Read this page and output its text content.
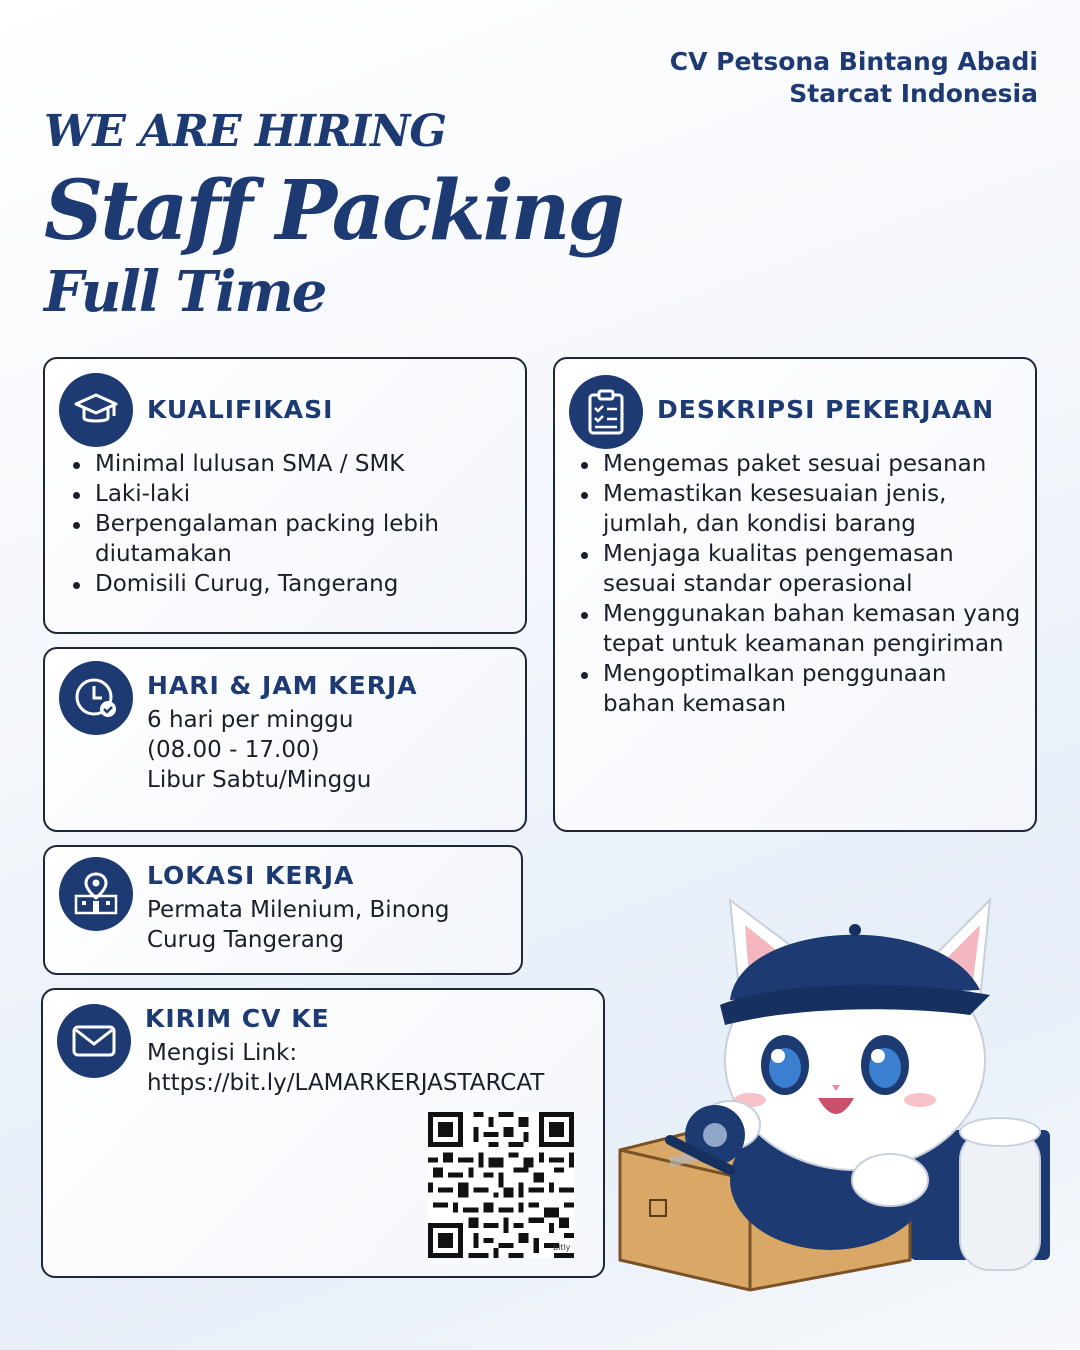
CV Petsona Bintang Abadi
Starcat Indonesia
WE ARE HIRING
Staff Packing
Full Time
KUALIFIKASI
Minimal lulusan SMA / SMK
Laki-laki
Berpengalaman packing lebih diutamakan
Domisili Curug, Tangerang
DESKRIPSI PEKERJAAN
Mengemas paket sesuai pesanan
Memastikan kesesuaian jenis, jumlah, dan kondisi barang
Menjaga kualitas pengemasan sesuai standar operasional
Menggunakan bahan kemasan yang tepat untuk keamanan pengiriman
Mengoptimalkan penggunaan bahan kemasan
HARI & JAM KERJA
6 hari per minggu
(08.00 - 17.00)
Libur Sabtu/Minggu
LOKASI KERJA
Permata Milenium, Binong
Curug Tangerang
KIRIM CV KE
Mengisi Link:
https://bit.ly/LAMARKERJASTARCAT
bitly
